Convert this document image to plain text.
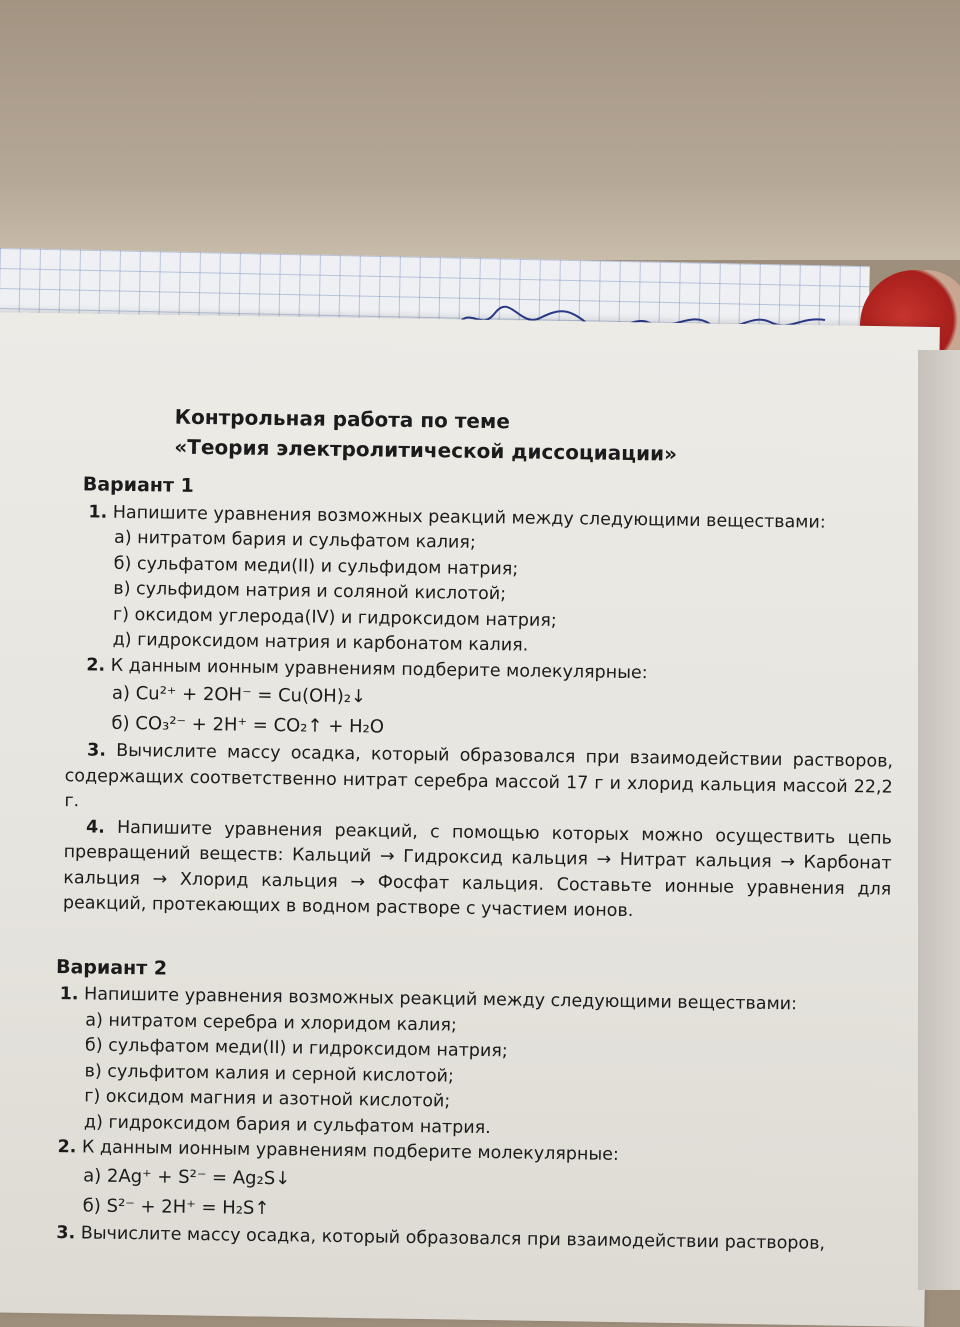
Контрольная работа по теме
«Теория электролитической диссоциации»
Вариант 1
1. Напишите уравнения возможных реакций между следующими веществами:
а) нитратом бария и сульфатом калия;
б) сульфатом меди(II) и сульфидом натрия;
в) сульфидом натрия и соляной кислотой;
г) оксидом углерода(IV) и гидроксидом натрия;
д) гидроксидом натрия и карбонатом калия.
2. К данным ионным уравнениям подберите молекулярные:
а) Cu²⁺ + 2OH⁻ = Cu(OH)₂↓
б) CO₃²⁻ + 2H⁺ = CO₂↑ + H₂O
3. Вычислите массу осадка, который образовался при взаимодействии растворов, содержащих соответственно нитрат серебра массой 17 г и хлорид кальция массой 22,2 г.
4. Напишите уравнения реакций, с помощью которых можно осуществить цепь превращений веществ: Кальций → Гидроксид кальция → Нитрат кальция → Карбонат кальция → Хлорид кальция → Фосфат кальция. Составьте ионные уравнения для реакций, протекающих в водном растворе с участием ионов.
Вариант 2
1. Напишите уравнения возможных реакций между следующими веществами:
а) нитратом серебра и хлоридом калия;
б) сульфатом меди(II) и гидроксидом натрия;
в) сульфитом калия и серной кислотой;
г) оксидом магния и азотной кислотой;
д) гидроксидом бария и сульфатом натрия.
2. К данным ионным уравнениям подберите молекулярные:
а) 2Ag⁺ + S²⁻ = Ag₂S↓
б) S²⁻ + 2H⁺ = H₂S↑
3. Вычислите массу осадка, который образовался при взаимодействии растворов,
